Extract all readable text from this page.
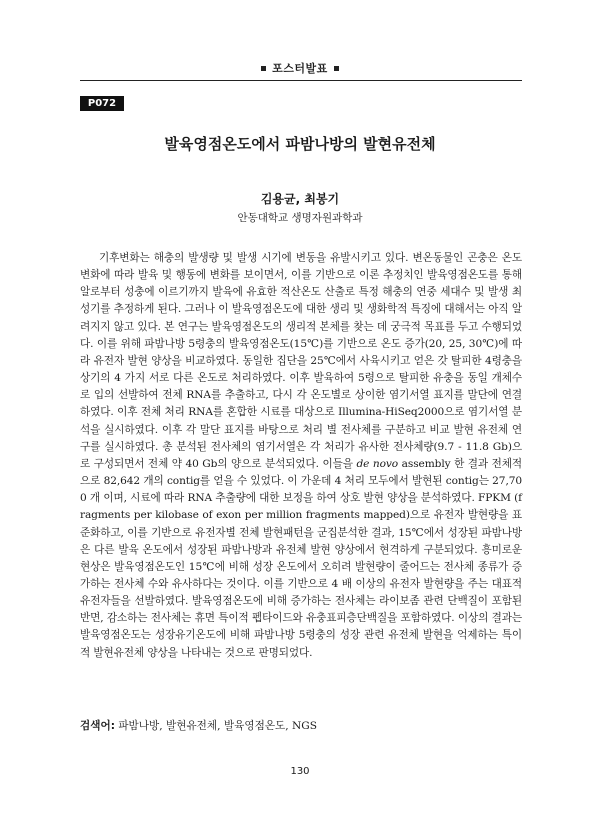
포스터발표
P072
발육영점온도에서 파밤나방의 발현유전체
김용균, 최봉기
안동대학교 생명자원과학과

기후변화는 해충의 발생량 및 발생 시기에 변동을 유발시키고 있다. 변온동물인 곤충은 온도 변화에 따라 발육 및 행동에 변화를 보이면서, 이를 기반으로 이론 추정치인 발육영점온도를 통해 알로부터 성충에 이르기까지 발육에 유효한 적산온도 산출로 특정 해충의 연중 세대수 및 발생 최성기를 추정하게 된다. 그러나 이 발육영점온도에 대한 생리 및 생화학적 특징에 대해서는 아직 알려지지 않고 있다. 본 연구는 발육영점온도의 생리적 본체를 찾는 데 궁극적 목표를 두고 수행되었다. 이를 위해 파밤나방 5령충의 발육영점온도(15℃)를 기반으로 온도 증가(20, 25, 30℃)에 따라 유전자 발현 양상을 비교하였다. 동일한 집단을 25℃에서 사육시키고 얻은 갓 탈피한 4령충을 상기의 4 가지 서로 다른 온도로 처리하였다. 이후 발육하여 5령으로 탈피한 유충을 동일 개체수로 입의 선발하여 전체 RNA를 추출하고, 다시 각 온도별로 상이한 염기서열 표지를 말단에 연결하였다. 이후 전체 처리 RNA를 혼합한 시료를 대상으로 Illumina-HiSeq2000으로 염기서열 분석을 실시하였다. 이후 각 말단 표지를 바탕으로 처리 별 전사체를 구분하고 비교 발현 유전체 연구를 실시하였다. 총 분석된 전사체의 염기서열은 각 처리가 유사한 전사체량(9.7 - 11.8 Gb)으로 구성되면서 전체 약 40 Gb의 양으로 분석되었다. 이들을 de novo assembly 한 결과 전체적으로 82,642 개의 contig를 얻을 수 있었다. 이 가운데 4 처리 모두에서 발현된 contig는 27,700 개 이며, 시료에 따라 RNA 추출량에 대한 보정을 하여 상호 발현 양상을 분석하였다. FPKM (fragments per kilobase of exon per million fragments mapped)으로 유전자 발현량을 표준화하고, 이를 기반으로 유전자별 전체 발현패턴을 군집분석한 결과, 15℃에서 성장된 파밤나방은 다른 발육 온도에서 성장된 파밤나방과 유전체 발현 양상에서 현격하게 구분되었다. 흥미로운 현상은 발육영점온도인 15℃에 비해 성장 온도에서 오히려 발현량이 줄어드는 전사체 종류가 증가하는 전사체 수와 유사하다는 것이다. 이를 기반으로 4 배 이상의 유전자 발현량을 주는 대표적 유전자들을 선발하였다. 발육영점온도에 비해 증가하는 전사체는 라이보좀 관련 단백질이 포함된 반면, 감소하는 전사체는 휴면 특이적 펩타이드와 유충표피층단백질을 포함하였다. 이상의 결과는 발육영점온도는 성장유기온도에 비해 파밤나방 5령충의 성장 관련 유전체 발현을 억제하는 특이적 발현유전체 양상을 나타내는 것으로 판명되었다.

검색어: 파밤나방, 발현유전체, 발육영점온도, NGS
130
